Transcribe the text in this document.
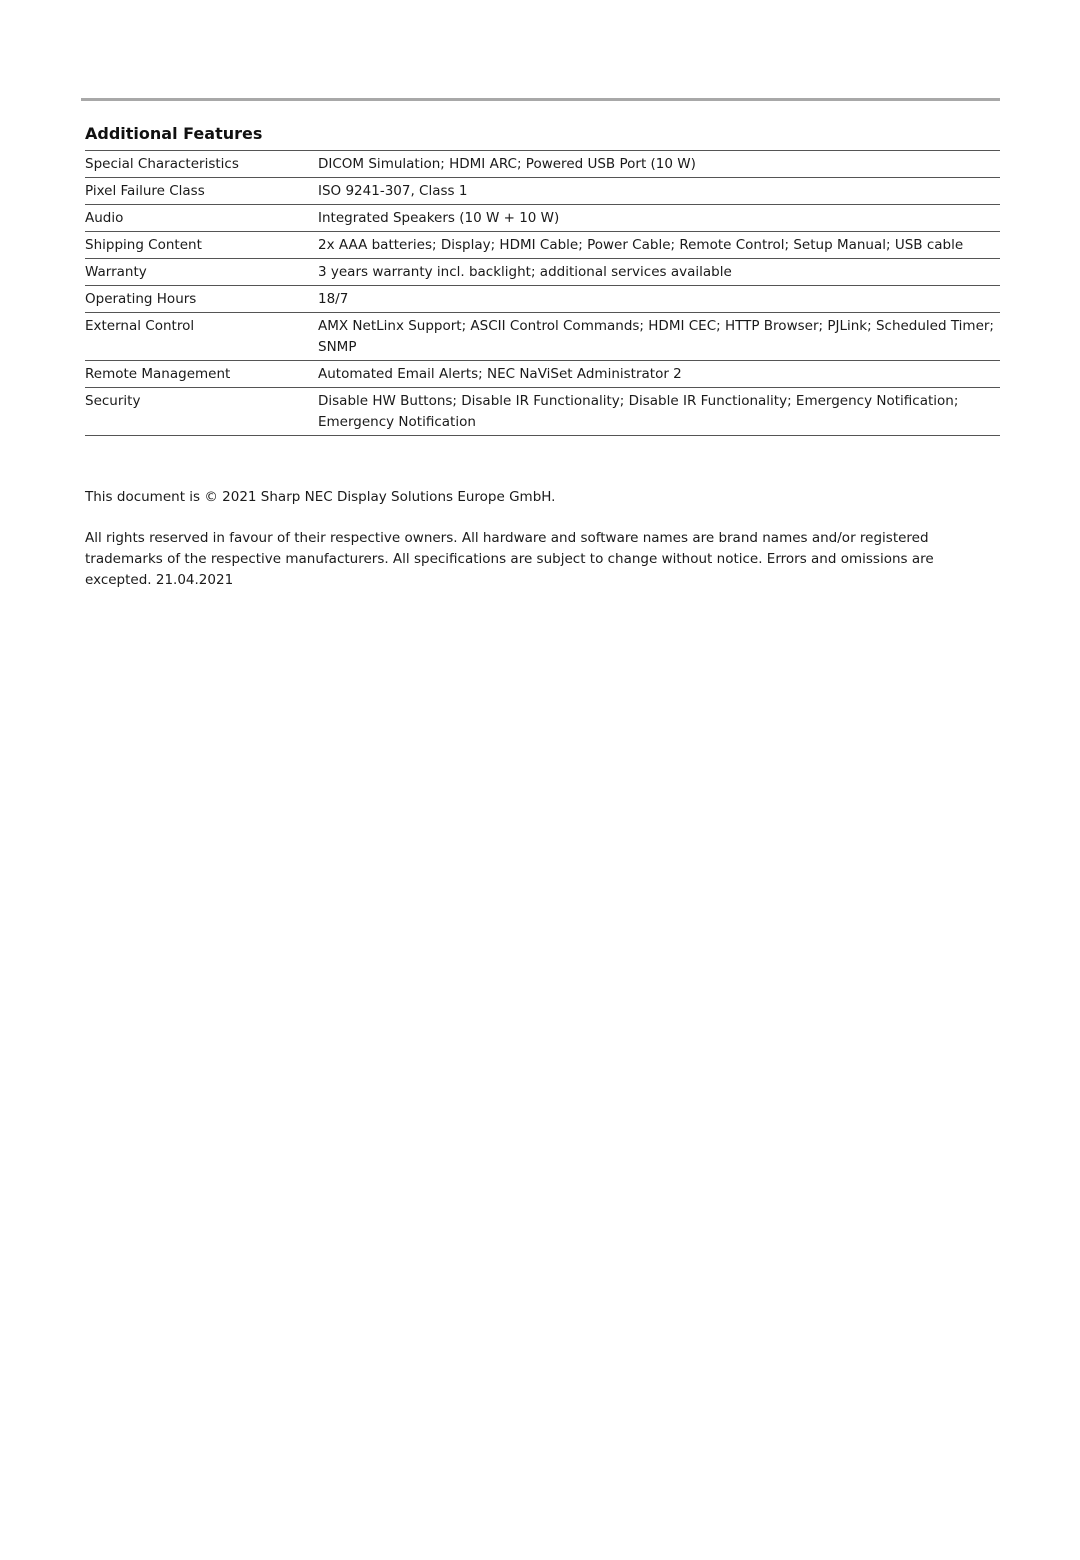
Additional Features
Special Characteristics	DICOM Simulation; HDMI ARC; Powered USB Port (10 W)
Pixel Failure Class	ISO 9241-307, Class 1
Audio	Integrated Speakers (10 W + 10 W)
Shipping Content	2x AAA batteries; Display; HDMI Cable; Power Cable; Remote Control; Setup Manual; USB cable
Warranty	3 years warranty incl. backlight; additional services available
Operating Hours	18/7
External Control	AMX NetLinx Support; ASCII Control Commands; HDMI CEC; HTTP Browser; PJLink; Scheduled Timer; SNMP
Remote Management	Automated Email Alerts; NEC NaViSet Administrator 2
Security	Disable HW Buttons; Disable IR Functionality; Disable IR Functionality; Emergency Notification; Emergency Notification

This document is © 2021 Sharp NEC Display Solutions Europe GmbH.

All rights reserved in favour of their respective owners. All hardware and software names are brand names and/or registered trademarks of the respective manufacturers. All specifications are subject to change without notice. Errors and omissions are excepted. 21.04.2021
